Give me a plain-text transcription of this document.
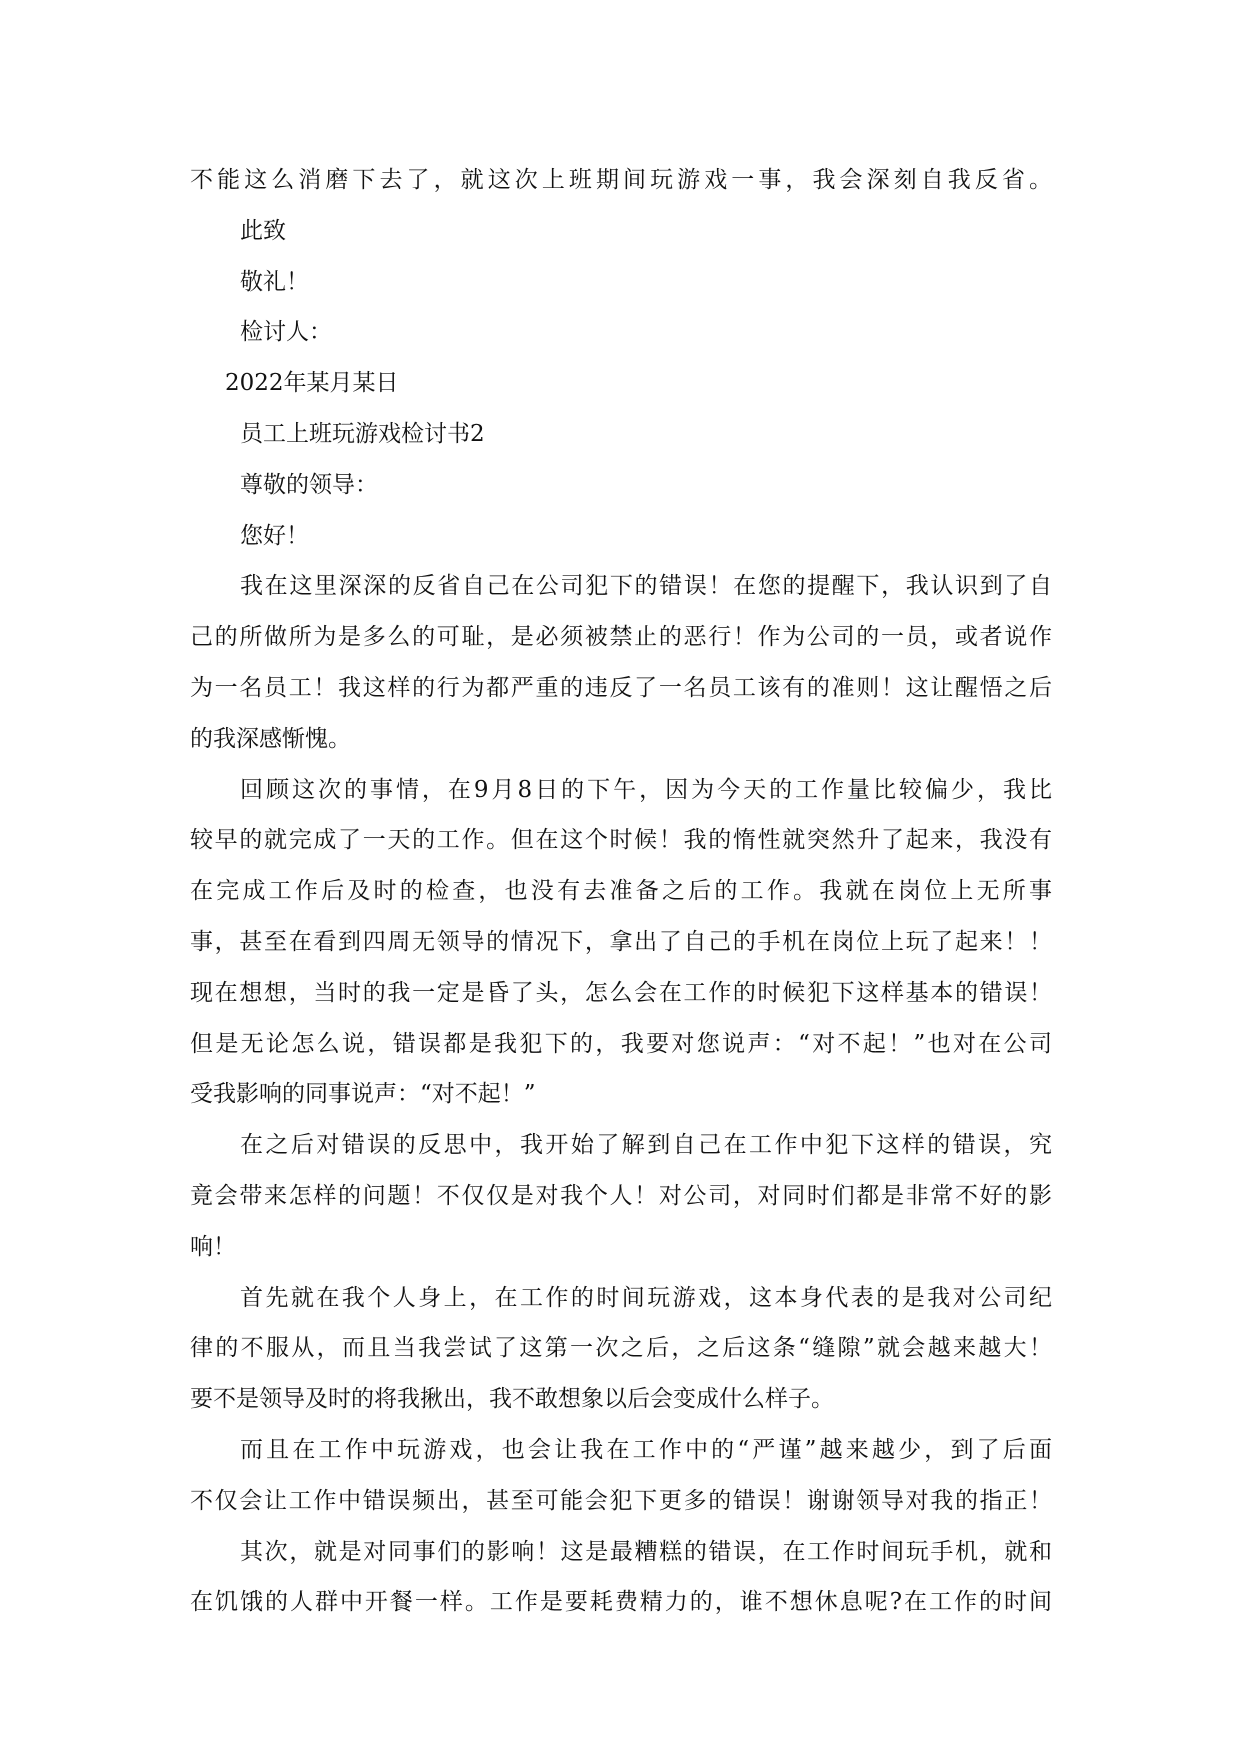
不能这么消磨下去了，就这次上班期间玩游戏一事，我会深刻自我反省。
此致
敬礼！
检讨人：
2022年某月某日
员工上班玩游戏检讨书2
尊敬的领导：
您好！
我在这里深深的反省自己在公司犯下的错误！在您的提醒下，我认识到了自
己的所做所为是多么的可耻，是必须被禁止的恶行！作为公司的一员，或者说作
为一名员工！我这样的行为都严重的违反了一名员工该有的准则！这让醒悟之后
的我深感惭愧。
回顾这次的事情，在9月8日的下午，因为今天的工作量比较偏少，我比
较早的就完成了一天的工作。但在这个时候！我的惰性就突然升了起来，我没有
在完成工作后及时的检查，也没有去准备之后的工作。我就在岗位上无所事
事，甚至在看到四周无领导的情况下，拿出了自己的手机在岗位上玩了起来！！
现在想想，当时的我一定是昏了头，怎么会在工作的时候犯下这样基本的错误！
但是无论怎么说，错误都是我犯下的，我要对您说声：“对不起！”也对在公司
受我影响的同事说声：“对不起！”
在之后对错误的反思中，我开始了解到自己在工作中犯下这样的错误，究
竟会带来怎样的问题！不仅仅是对我个人！对公司，对同时们都是非常不好的影
响！
首先就在我个人身上，在工作的时间玩游戏，这本身代表的是我对公司纪
律的不服从，而且当我尝试了这第一次之后，之后这条“缝隙”就会越来越大！
要不是领导及时的将我揪出，我不敢想象以后会变成什么样子。
而且在工作中玩游戏，也会让我在工作中的“严谨”越来越少，到了后面
不仅会让工作中错误频出，甚至可能会犯下更多的错误！谢谢领导对我的指正！
其次，就是对同事们的影响！这是最糟糕的错误，在工作时间玩手机，就和
在饥饿的人群中开餐一样。工作是要耗费精力的，谁不想休息呢?在工作的时间
